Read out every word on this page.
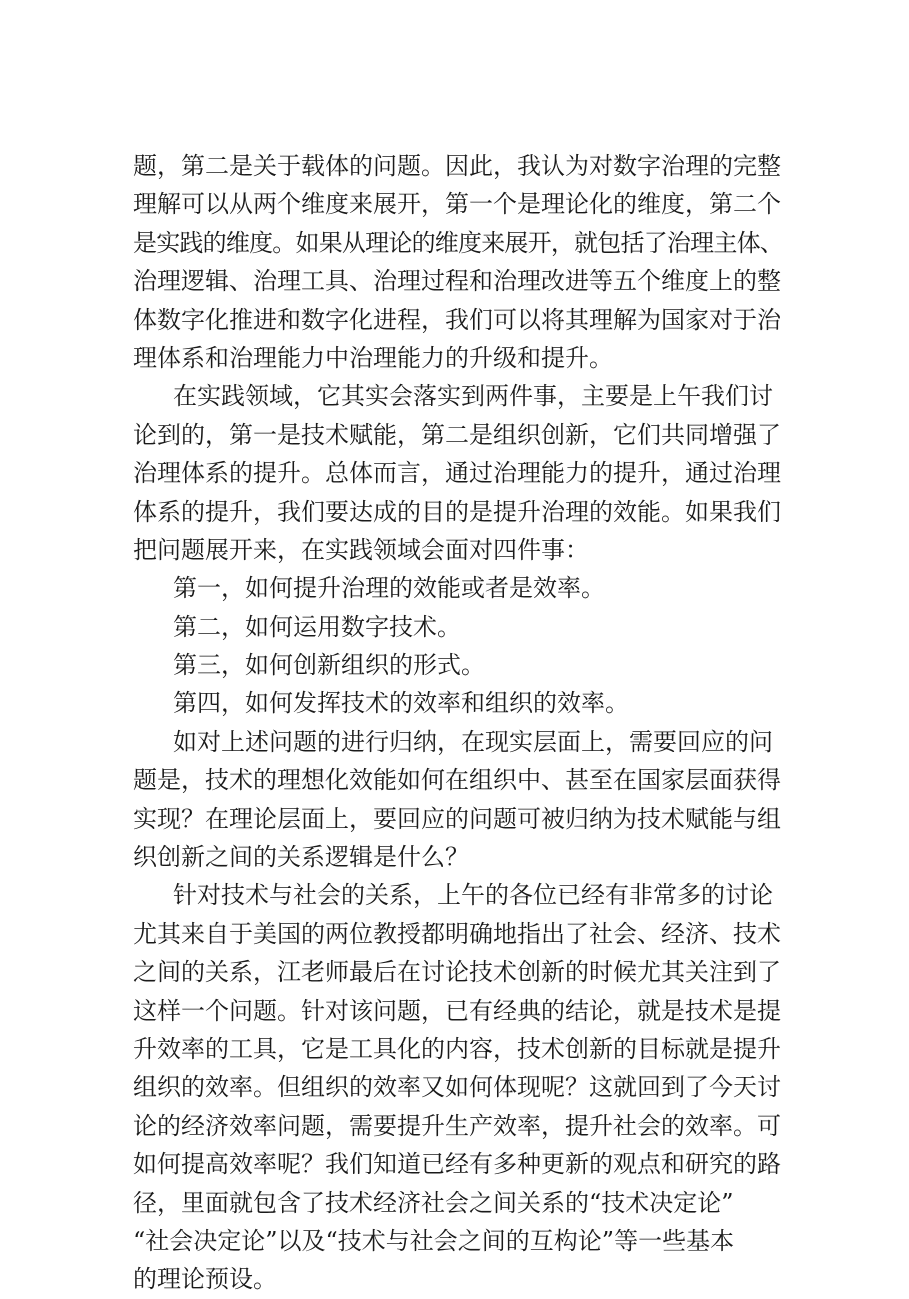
题，第二是关于载体的问题。因此，我认为对数字治理的完整
理解可以从两个维度来展开，第一个是理论化的维度，第二个
是实践的维度。如果从理论的维度来展开，就包括了治理主体、
治理逻辑、治理工具、治理过程和治理改进等五个维度上的整
体数字化推进和数字化进程，我们可以将其理解为国家对于治
理体系和治理能力中治理能力的升级和提升。
在实践领域，它其实会落实到两件事，主要是上午我们讨
论到的，第一是技术赋能，第二是组织创新，它们共同增强了
治理体系的提升。总体而言，通过治理能力的提升，通过治理
体系的提升，我们要达成的目的是提升治理的效能。如果我们
把问题展开来，在实践领域会面对四件事：
第一，如何提升治理的效能或者是效率。
第二，如何运用数字技术。
第三，如何创新组织的形式。
第四，如何发挥技术的效率和组织的效率。
如对上述问题的进行归纳，在现实层面上，需要回应的问
题是，技术的理想化效能如何在组织中、甚至在国家层面获得
实现？在理论层面上，要回应的问题可被归纳为技术赋能与组
织创新之间的关系逻辑是什么？
针对技术与社会的关系，上午的各位已经有非常多的讨论
尤其来自于美国的两位教授都明确地指出了社会、经济、技术
之间的关系，江老师最后在讨论技术创新的时候尤其关注到了
这样一个问题。针对该问题，已有经典的结论，就是技术是提
升效率的工具，它是工具化的内容，技术创新的目标就是提升
组织的效率。但组织的效率又如何体现呢？这就回到了今天讨
论的经济效率问题，需要提升生产效率，提升社会的效率。可
如何提高效率呢？我们知道已经有多种更新的观点和研究的路
径，里面就包含了技术经济社会之间关系的“技术决定论”
“社会决定论”以及“技术与社会之间的互构论”等一些基本
的理论预设。
